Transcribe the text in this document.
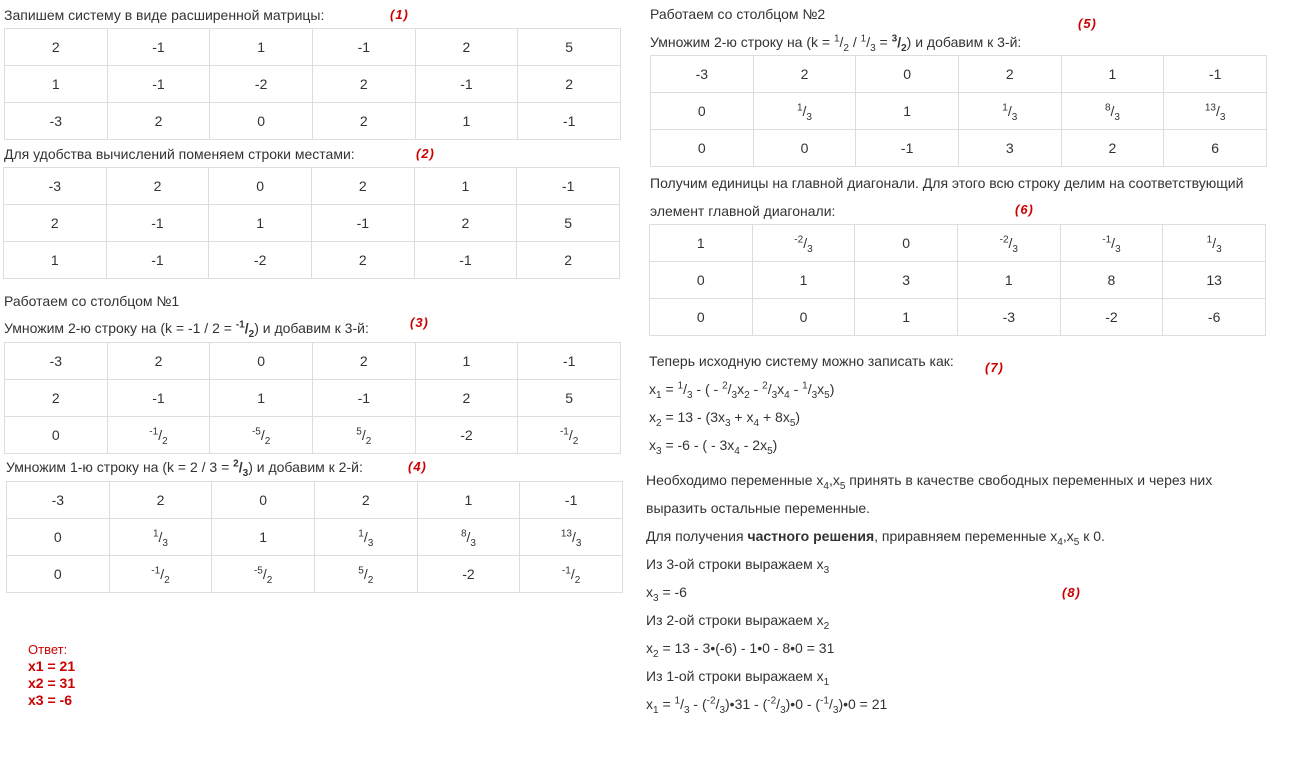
Запишем систему в виде расширенной матрицы:	(1)
2	-1	1	-1	2	5
1	-1	-2	2	-1	2
-3	2	0	2	1	-1
Для удобства вычислений поменяем строки местами:	(2)
-3	2	0	2	1	-1
2	-1	1	-1	2	5
1	-1	-2	2	-1	2
Работаем со столбцом №1
Умножим 2-ю строку на $(k = -1 / 2 = ^{-1}/_2)$ и добавим к 3-й:	(3)
-3	2	0	2	1	-1
2	-1	1	-1	2	5
0	$^{-1}/_2$	$^{-5}/_2$	$^5/_2$	-2	$^{-1}/_2$
Умножим 1-ю строку на $(k = 2 / 3 = ^2/_3)$ и добавим к 2-й:	(4)
-3	2	0	2	1	-1
0	$^1/_3$	1	$^1/_3$	$^8/_3$	$^{13}/_3$
0	$^{-1}/_2$	$^{-5}/_2$	$^5/_2$	-2	$^{-1}/_2$
Ответ:
x1 = 21
x2 = 31
x3 = -6
Работаем со столбцом №2
(5)
Умножим 2-ю строку на $(k = ^1/_2 / ^1/_3 = ^3/_2)$ и добавим к 3-й:
-3	2	0	2	1	-1
0	$^1/_3$	1	$^1/_3$	$^8/_3$	$^{13}/_3$
0	0	-1	3	2	6
Получим единицы на главной диагонали. Для этого всю строку делим на соответствующий
элемент главной диагонали:	(6)
1	$^{-2}/_3$	0	$^{-2}/_3$	$^{-1}/_3$	$^1/_3$
0	1	3	1	8	13
0	0	1	-3	-2	-6
Теперь исходную систему можно записать как: (7)
$x_1 = ^1/_3$ - ( - $^2/_3x_2 - ^2/_3x_4 - ^1/_3x_5$)
$x_2 = 13 - (3x_3 + x_4 + 8x_5)$
$x_3 = -6$ - ( - $3x_4 - 2x_5$)
Необходимо переменные $x_4,x_5$ принять в качестве свободных переменных и через них
выразить остальные переменные.
Для получения частного решения, приравняем переменные $x_4,x_5$ к 0.
Из 3-ой строки выражаем $x_3$
$x_3 = -6$	(8)
Из 2-ой строки выражаем $x_2$
$x_2 = 13$ - 3•(-6) - 1•0 - 8•0 = 31
Из 1-ой строки выражаем $x_1$
$x_1 = ^1/_3$ - $(^{-2}/_3)•31$ - $(^{-2}/_3)•0$ - $(^{-1}/_3)•0 = 21$
